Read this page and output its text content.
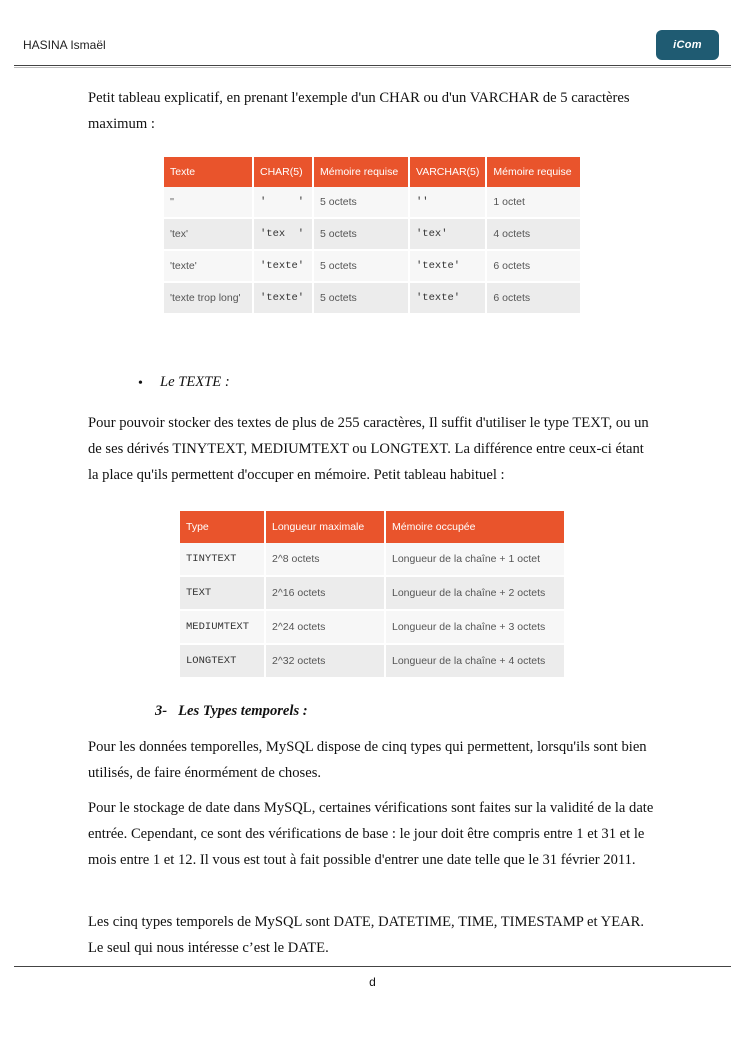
HASINA Ismaël	iCom

Petit tableau explicatif, en prenant l'exemple d'un CHAR ou d'un VARCHAR de 5 caractères maximum :

Texte	CHAR(5)	Mémoire requise	VARCHAR(5)	Mémoire requise
''	'     '	5 octets	''	1 octet
'tex'	'tex  '	5 octets	'tex'	4 octets
'texte'	'texte'	5 octets	'texte'	6 octets
'texte trop long'	'texte'	5 octets	'texte'	6 octets
• Le TEXTE :

Pour pouvoir stocker des textes de plus de 255 caractères, Il suffit d'utiliser le type TEXT, ou un de ses dérivés TINYTEXT, MEDIUMTEXT ou LONGTEXT. La différence entre ceux-ci étant la place qu'ils permettent d'occuper en mémoire. Petit tableau habituel :

Type	Longueur maximale	Mémoire occupée
TINYTEXT	2^8 octets	Longueur de la chaîne + 1 octet
TEXT	2^16 octets	Longueur de la chaîne + 2 octets
MEDIUMTEXT	2^24 octets	Longueur de la chaîne + 3 octets
LONGTEXT	2^32 octets	Longueur de la chaîne + 4 octets
3-   Les Types temporels :

Pour les données temporelles, MySQL dispose de cinq types qui permettent, lorsqu'ils sont bien utilisés, de faire énormément de choses.

Pour le stockage de date dans MySQL, certaines vérifications sont faites sur la validité de la date entrée. Cependant, ce sont des vérifications de base : le jour doit être compris entre 1 et 31 et le mois entre 1 et 12. Il vous est tout à fait possible d'entrer une date telle que le 31 février 2011.

Les cinq types temporels de MySQL sont DATE, DATETIME, TIME, TIMESTAMP et YEAR. Le seul qui nous intéresse c’est le DATE.

d
